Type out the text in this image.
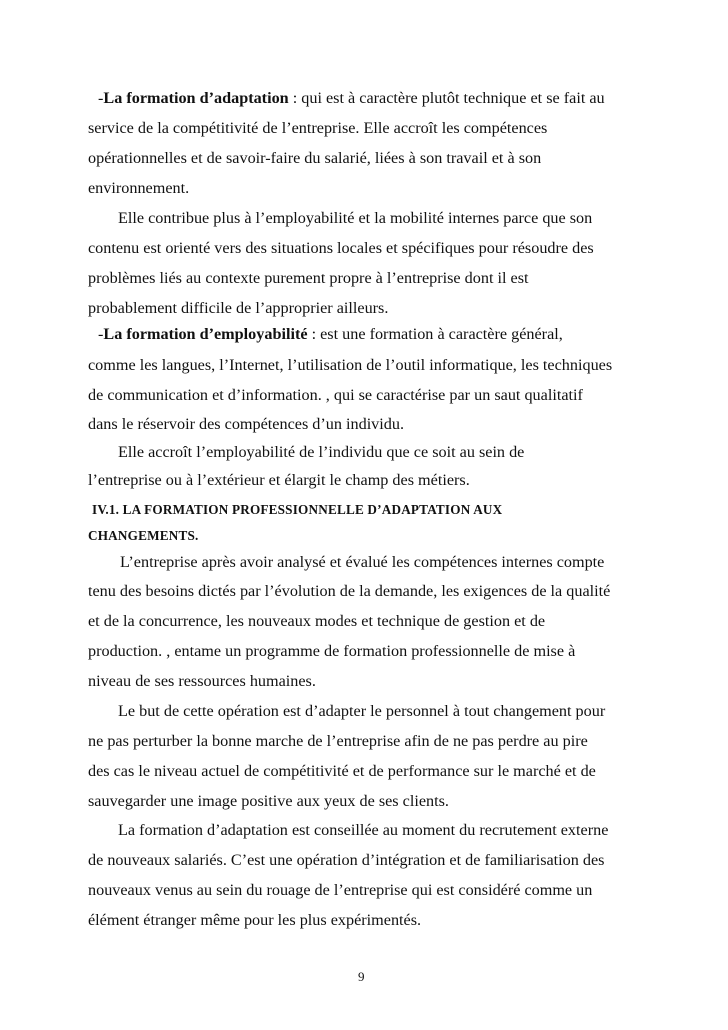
-La formation d’adaptation : qui est à caractère plutôt technique et se fait au
service de la compétitivité de l’entreprise. Elle accroît les compétences
opérationnelles et de savoir-faire du salarié, liées à son travail et à son
environnement.
Elle contribue plus à l’employabilité et la mobilité internes parce que son
contenu est orienté vers des situations locales et spécifiques pour résoudre des
problèmes liés au contexte purement propre à l’entreprise dont il est
probablement difficile de l’approprier ailleurs.
-La formation d’employabilité : est une formation à caractère général,
comme les langues, l’Internet, l’utilisation de l’outil informatique, les techniques
de communication et d’information. , qui se caractérise par un saut qualitatif
dans le réservoir des compétences d’un individu.
Elle accroît l’employabilité de l’individu que ce soit au sein de
l’entreprise ou à l’extérieur et élargit le champ des métiers.
IV.1. LA FORMATION PROFESSIONNELLE D’ADAPTATION AUX
CHANGEMENTS.
L’entreprise après avoir analysé et évalué les compétences internes compte
tenu des besoins dictés par l’évolution de la demande, les exigences de la qualité
et de la concurrence, les nouveaux modes et technique de gestion et de
production. , entame un programme de formation professionnelle de mise à
niveau de ses ressources humaines.
Le but de cette opération est d’adapter le personnel à tout changement pour
ne pas perturber la bonne marche de l’entreprise afin de ne pas perdre au pire
des cas le niveau actuel de compétitivité et de performance sur le marché et de
sauvegarder une image positive aux yeux de ses clients.
La formation d’adaptation est conseillée au moment du recrutement externe
de nouveaux salariés. C’est une opération d’intégration et de familiarisation des
nouveaux venus au sein du rouage de l’entreprise qui est considéré comme un
élément étranger même pour les plus expérimentés.
9
